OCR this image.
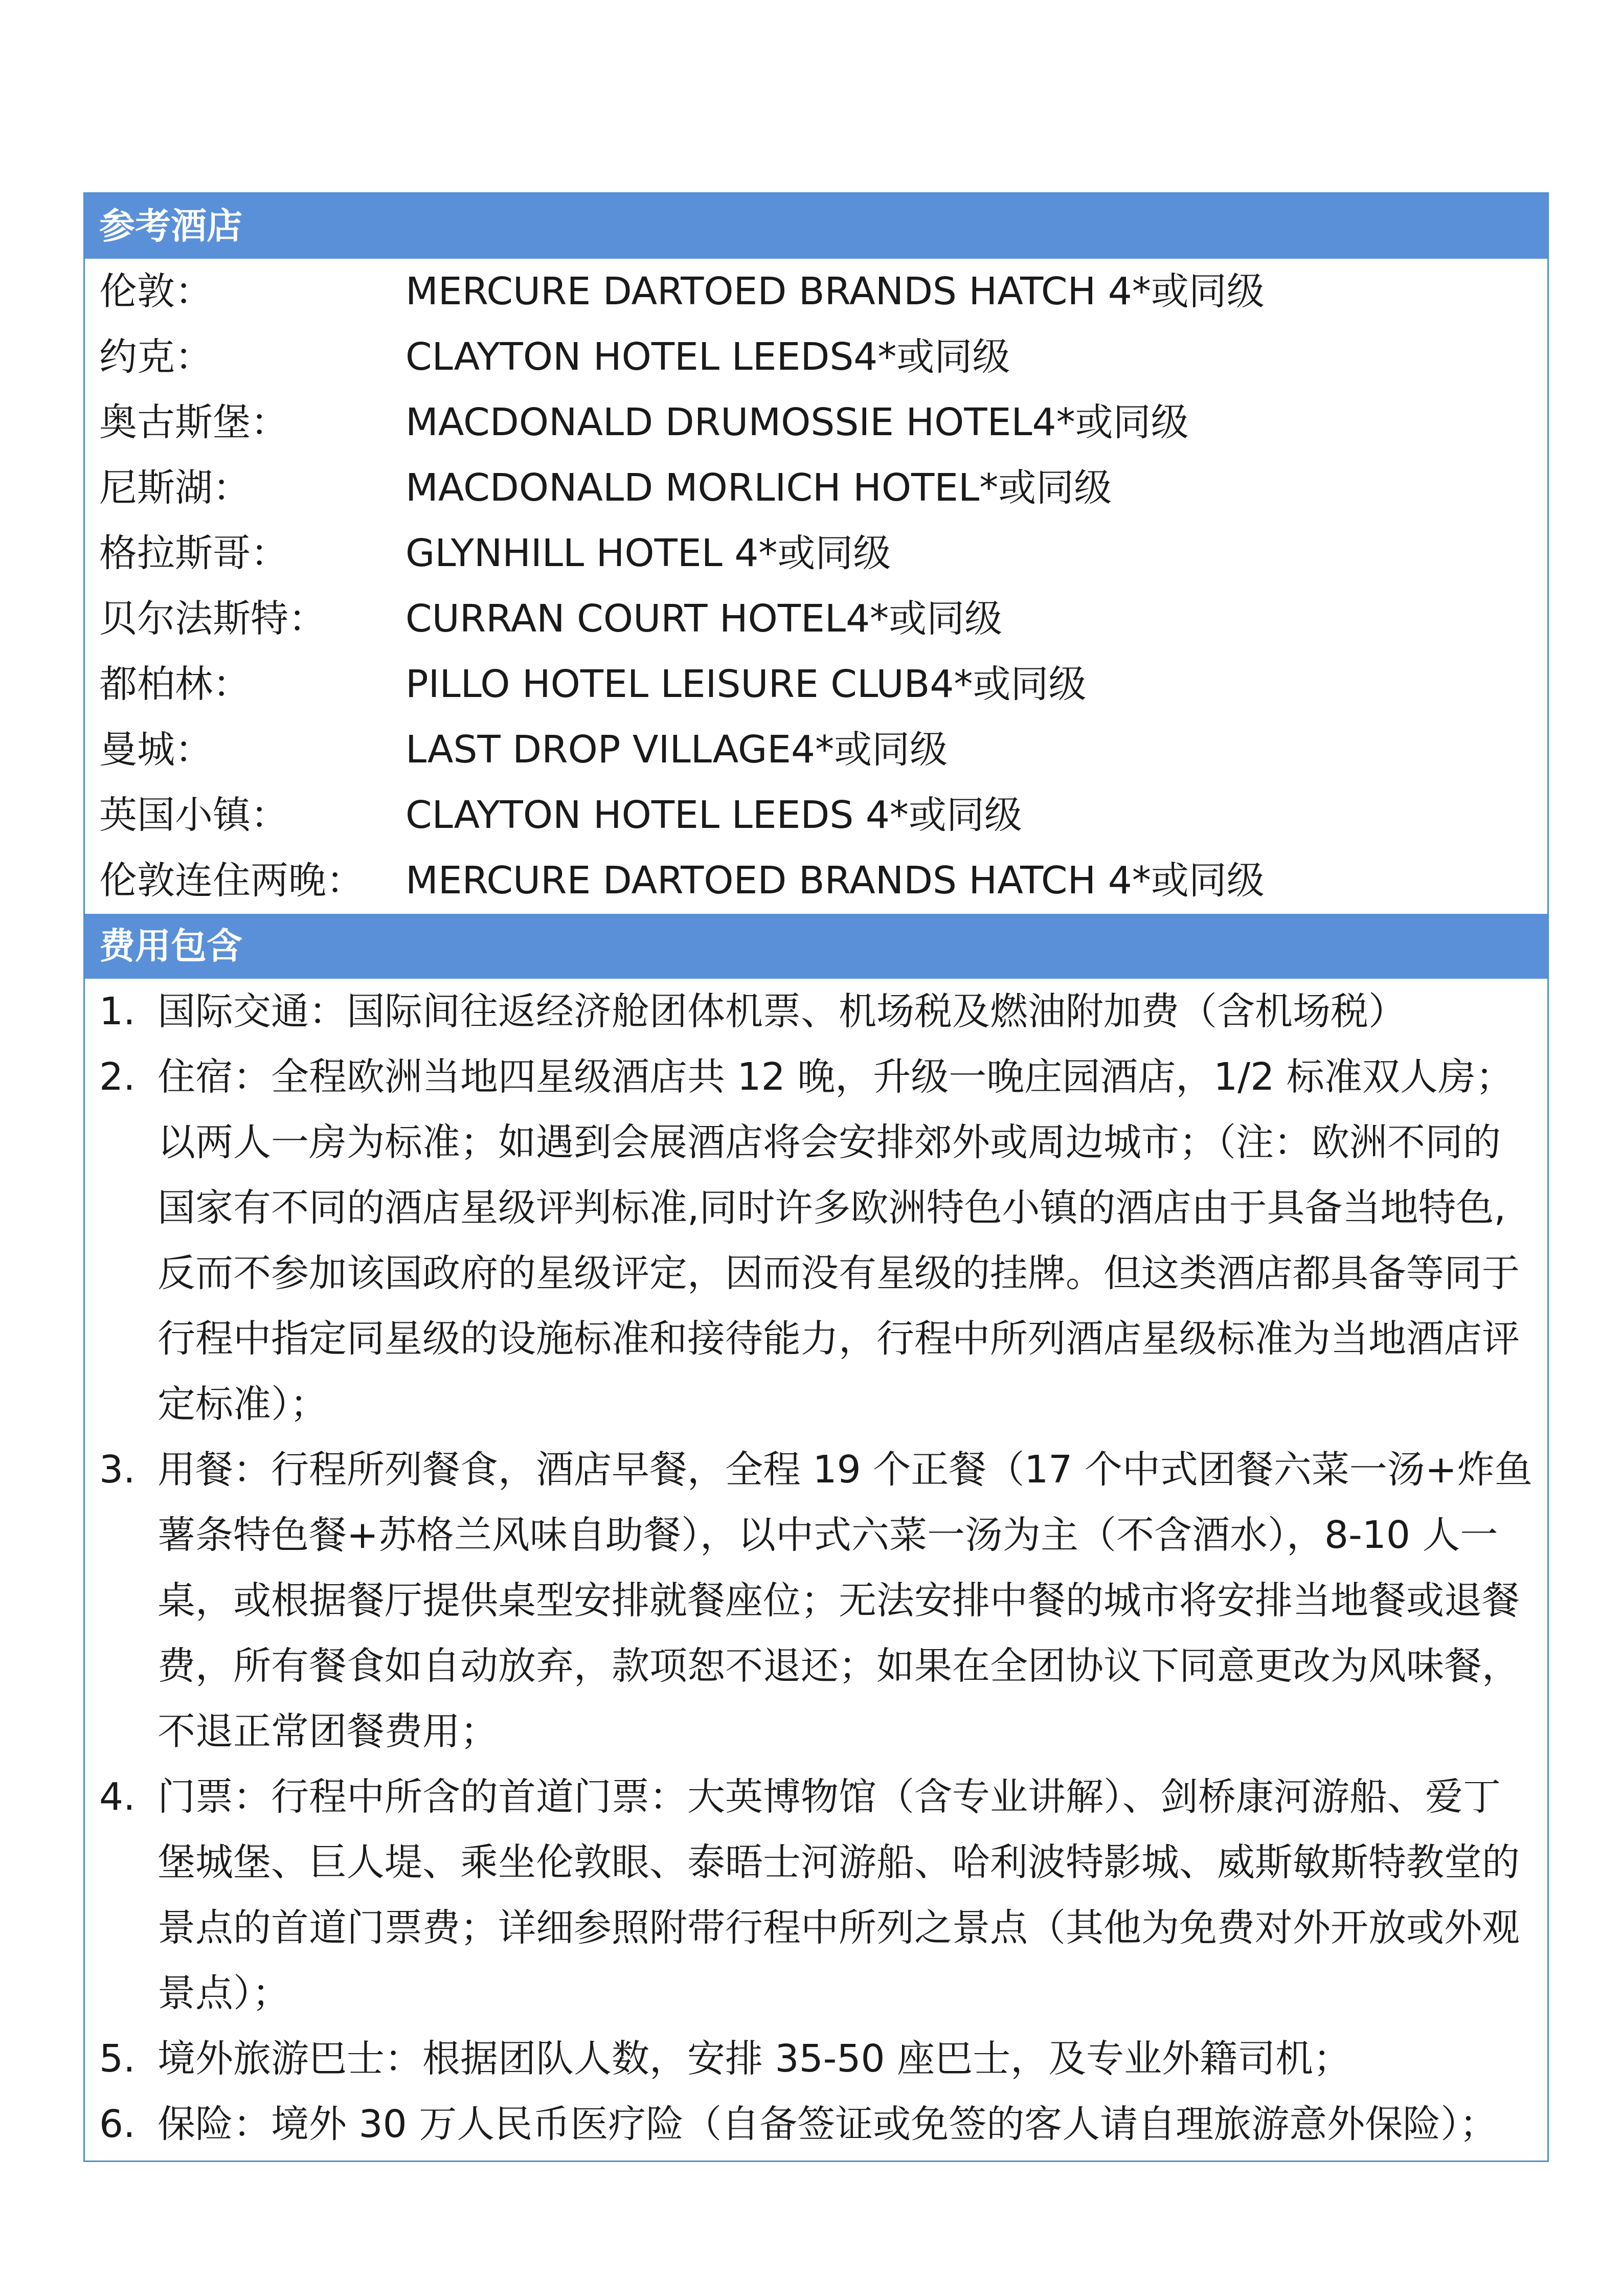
参考酒店
伦敦：	MERCURE DARTOED BRANDS HATCH 4*或同级
约克：	CLAYTON HOTEL LEEDS4*或同级
奥古斯堡：	MACDONALD DRUMOSSIE HOTEL4*或同级
尼斯湖：	MACDONALD MORLICH HOTEL*或同级
格拉斯哥：	GLYNHILL HOTEL 4*或同级
贝尔法斯特： CURRAN COURT HOTEL4*或同级
都柏林：	PILLO HOTEL LEISURE CLUB4*或同级
曼城：	LAST DROP VILLAGE4*或同级
英国小镇：	CLAYTON HOTEL LEEDS 4*或同级
伦敦连住两晚： MERCURE DARTOED BRANDS HATCH 4*或同级
费用包含
1. 国际交通：国际间往返经济舱团体机票、机场税及燃油附加费（含机场税）
2. 住宿：全程欧洲当地四星级酒店共 12 晚，升级一晚庄园酒店，1/2 标准双人房；
以两人一房为标准；如遇到会展酒店将会安排郊外或周边城市；（注：欧洲不同的
国家有不同的酒店星级评判标准,同时许多欧洲特色小镇的酒店由于具备当地特色,
反而不参加该国政府的星级评定，因而没有星级的挂牌。但这类酒店都具备等同于
行程中指定同星级的设施标准和接待能力，行程中所列酒店星级标准为当地酒店评
定标准）；
3. 用餐：行程所列餐食，酒店早餐，全程 19 个正餐（17 个中式团餐六菜一汤+炸鱼
薯条特色餐+苏格兰风味自助餐），以中式六菜一汤为主（不含酒水），8-10 人一
桌，或根据餐厅提供桌型安排就餐座位；无法安排中餐的城市将安排当地餐或退餐
费，所有餐食如自动放弃，款项恕不退还；如果在全团协议下同意更改为风味餐，
不退正常团餐费用；
4. 门票：行程中所含的首道门票：大英博物馆（含专业讲解）、剑桥康河游船、爱丁
堡城堡、巨人堤、乘坐伦敦眼、泰晤士河游船、哈利波特影城、威斯敏斯特教堂的
景点的首道门票费；详细参照附带行程中所列之景点（其他为免费对外开放或外观
景点）；
5. 境外旅游巴士：根据团队人数，安排 35-50 座巴士，及专业外籍司机；
6. 保险：境外 30 万人民币医疗险（自备签证或免签的客人请自理旅游意外保险）；
